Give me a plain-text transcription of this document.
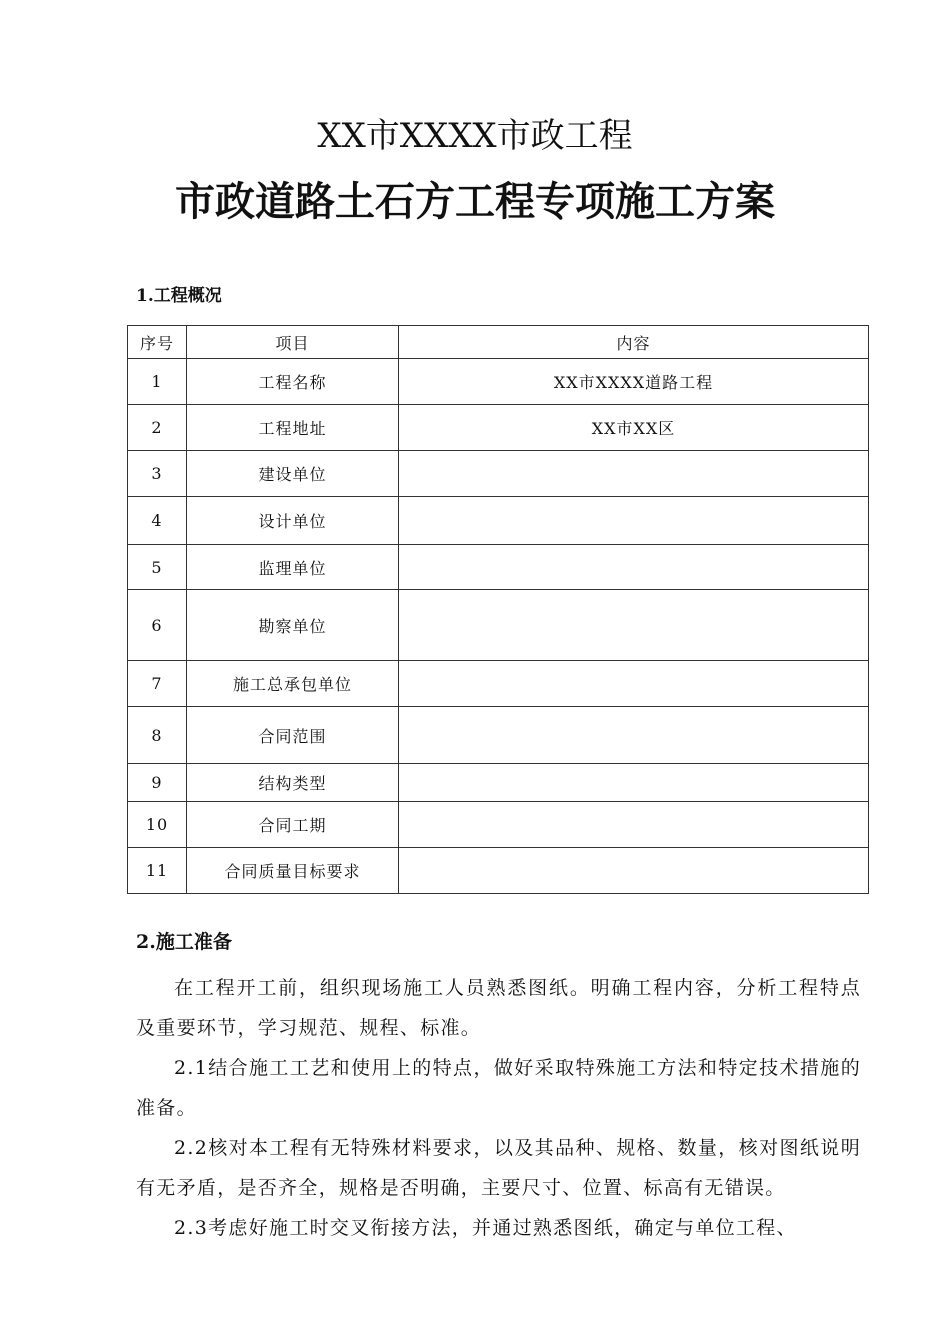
XX市XXXX市政工程
市政道路土石方工程专项施工方案
1.工程概况
序号	项目	内容
1	工程名称	XX市XXXX道路工程
2	工程地址	XX市XX区
3	建设单位	
4	设计单位	
5	监理单位	
6	勘察单位	
7	施工总承包单位	
8	合同范围	
9	结构类型	
10	合同工期	
11	合同质量目标要求	
2.施工准备

在工程开工前，组织现场施工人员熟悉图纸。明确工程内容，分析工程特点及重要环节，学习规范、规程、标准。

2.1结合施工工艺和使用上的特点，做好采取特殊施工方法和特定技术措施的准备。

2.2核对本工程有无特殊材料要求，以及其品种、规格、数量，核对图纸说明有无矛盾，是否齐全，规格是否明确，主要尺寸、位置、标高有无错误。

2.3考虑好施工时交叉衔接方法，并通过熟悉图纸，确定与单位工程、
